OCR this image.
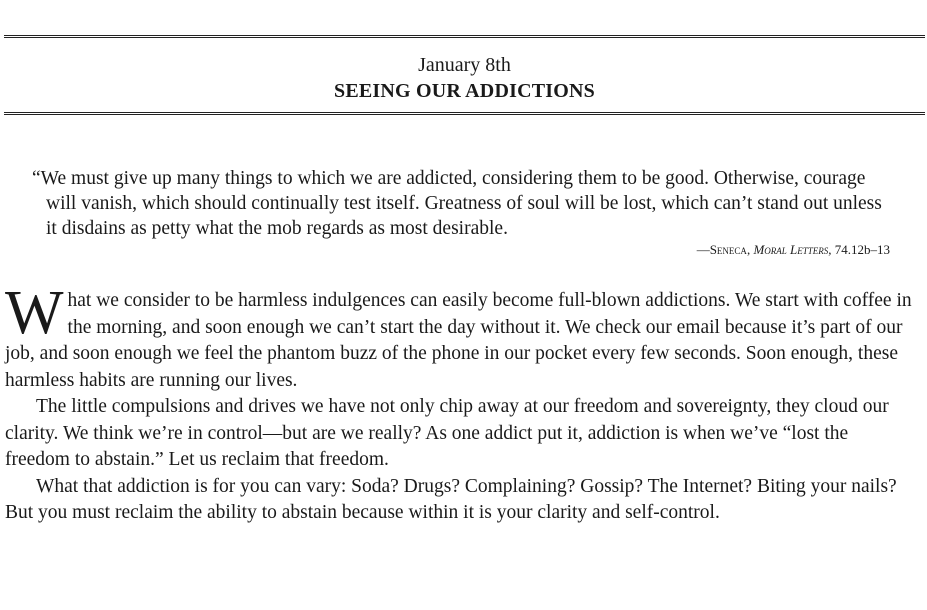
January 8th
SEEING OUR ADDICTIONS

“We must give up many things to which we are addicted, considering them to be good. Otherwise, courage will vanish, which should continually test itself. Greatness of soul will be lost, which can’t stand out unless it disdains as petty what the mob regards as most desirable.

—Seneca, Moral Letters, 74.12b–13

What we consider to be harmless indulgences can easily become full-blown addictions. We start with coffee in the morning, and soon enough we can’t start the day without it. We check our email because it’s part of our job, and soon enough we feel the phantom buzz of the phone in our pocket every few seconds. Soon enough, these harmless habits are running our lives.

The little compulsions and drives we have not only chip away at our freedom and sovereignty, they cloud our clarity. We think we’re in control—but are we really? As one addict put it, addiction is when we’ve “lost the freedom to abstain.” Let us reclaim that freedom.

What that addiction is for you can vary: Soda? Drugs? Complaining? Gossip? The Internet? Biting your nails? But you must reclaim the ability to abstain because within it is your clarity and self-control.
